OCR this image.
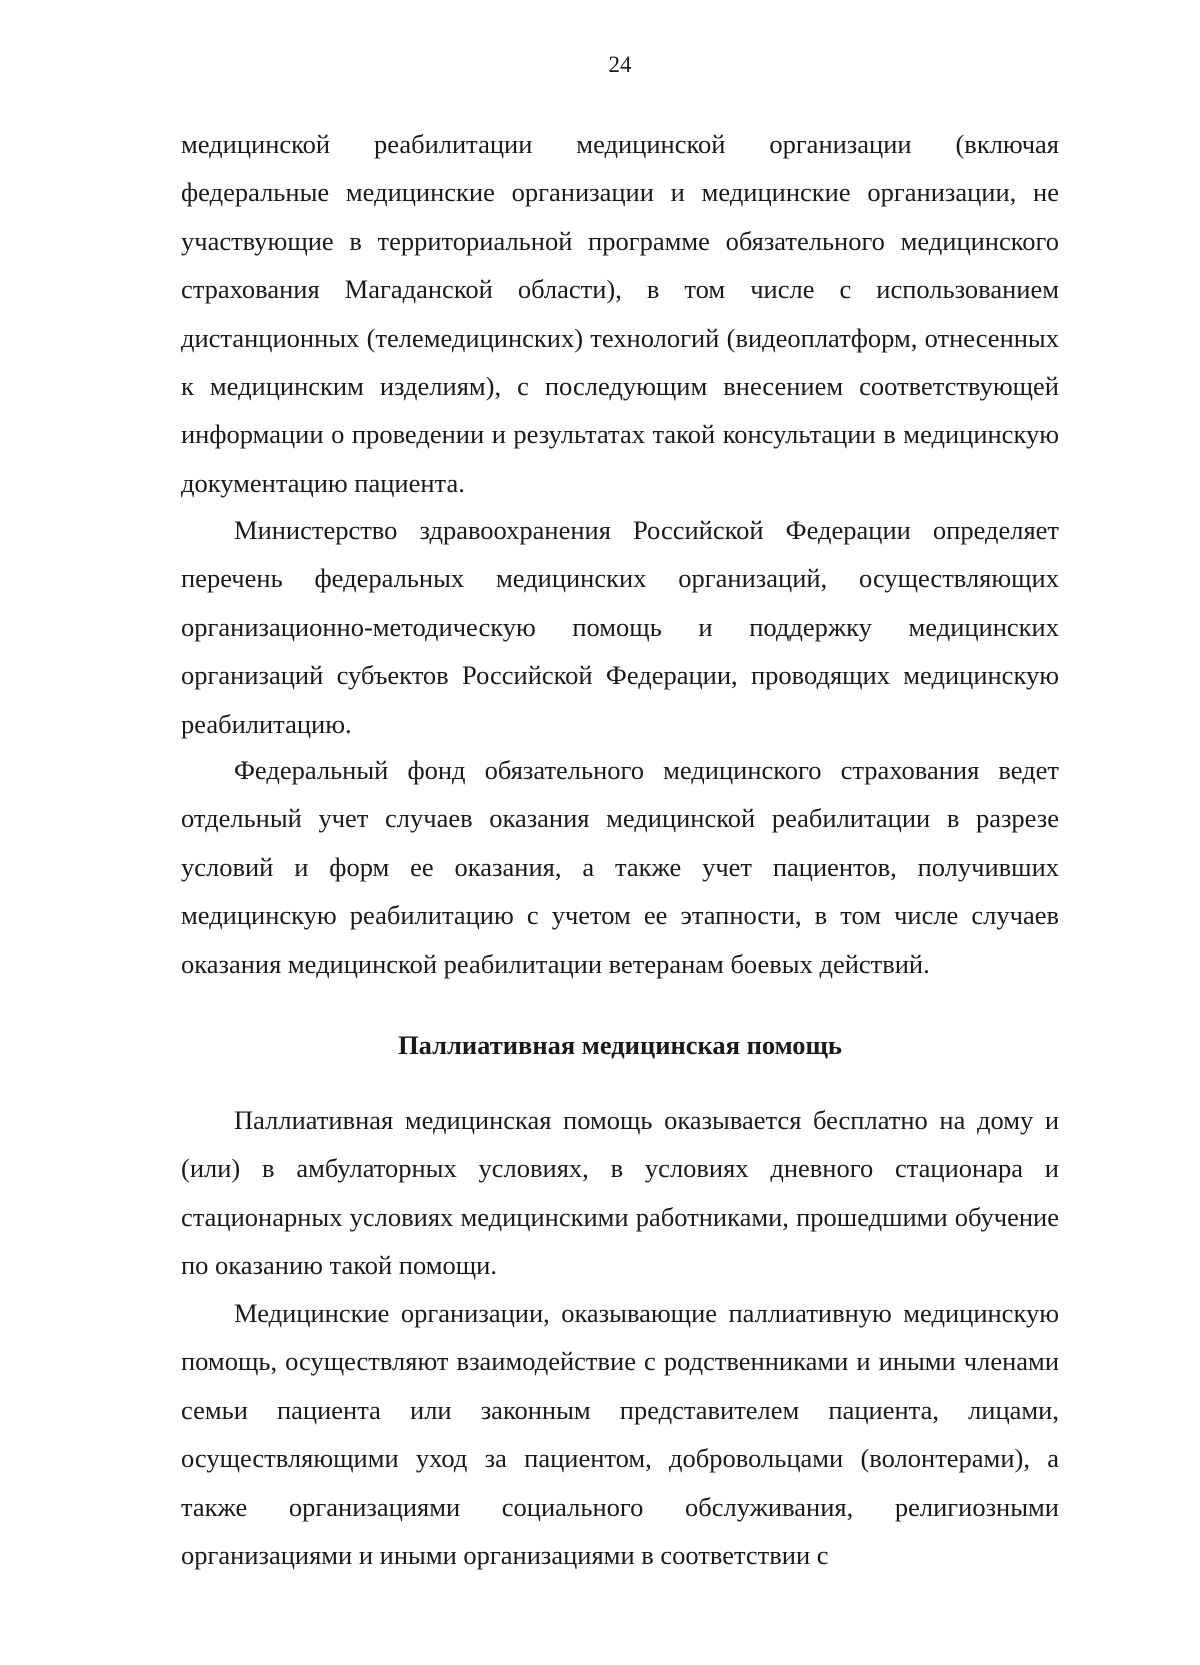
24

медицинской реабилитации медицинской организации (включая федеральные медицинские организации и медицинские организации, не участвующие в территориальной программе обязательного медицинского страхования Магаданской области), в том числе с использованием дистанционных (телемедицинских) технологий (видеоплатформ, отнесенных к медицинским изделиям), с последующим внесением соответствующей информации о проведении и результатах такой консультации в медицинскую документацию пациента.

Министерство здравоохранения Российской Федерации определяет перечень федеральных медицинских организаций, осуществляющих организационно-методическую помощь и поддержку медицинских организаций субъектов Российской Федерации, проводящих медицинскую реабилитацию.

Федеральный фонд обязательного медицинского страхования ведет отдельный учет случаев оказания медицинской реабилитации в разрезе условий и форм ее оказания, а также учет пациентов, получивших медицинскую реабилитацию с учетом ее этапности, в том числе случаев оказания медицинской реабилитации ветеранам боевых действий.

Паллиативная медицинская помощь

Паллиативная медицинская помощь оказывается бесплатно на дому и (или) в амбулаторных условиях, в условиях дневного стационара и стационарных условиях медицинскими работниками, прошедшими обучение по оказанию такой помощи.

Медицинские организации, оказывающие паллиативную медицинскую помощь, осуществляют взаимодействие с родственниками и иными членами семьи пациента или законным представителем пациента, лицами, осуществляющими уход за пациентом, добровольцами (волонтерами), а также организациями социального обслуживания, религиозными организациями и иными организациями в соответствии с
